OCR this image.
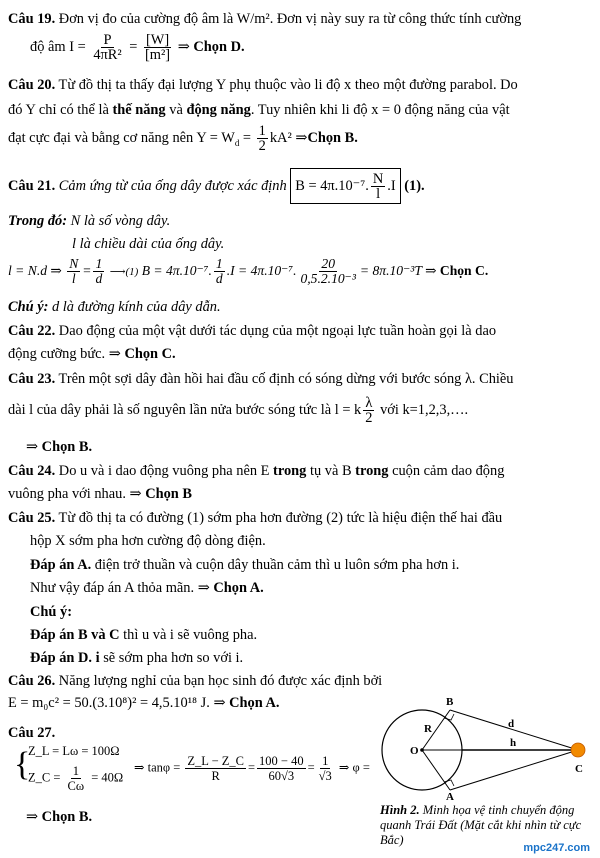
Câu 19. Đơn vị đo của cường độ âm là W/m². Đơn vị này suy ra từ công thức tính cường
độ âm $I = \frac{P}{\text{4πR²}} = \frac{[W]}{\text{[m²]}}$ ⇒ Chọn D.
Câu 20. Từ đồ thị ta thấy đại lượng Y phụ thuộc vào li độ x theo một đường parabol. Do
đó Y chỉ có thể là thế năng và động năng. Tuy nhiên khi li độ x = 0 động năng của vật
đạt cực đại và bằng cơ năng nên $Y = W_d = \frac{1}{2} kA^2$ ⇒Chọn B.
Câu 21. Cảm ứng từ của ống dây được xác định B = 4π.10⁻⁷. $\frac{N}{l} .I$ (1).
Trong đó: N là số vòng dây.
l là chiều dài của ống dây.
l = N.d ⇒ $\frac{N}{l} = \frac{1}{d}$ ⟶(1) B = 4π.10⁻⁷. $\frac{1}{d} .I = 4\pi.10^{-7}$. $\frac{20}{\text{0,5.2.10⁻³}} = 8\pi.10^{-3}T$ ⇒ Chọn C.
Chú ý: d là đường kính của dây dẫn.
Câu 22. Dao động của một vật dưới tác dụng của một ngoại lực tuần hoàn gọi là dao
động cưỡng bức. ⇒ Chọn C.
Câu 23. Trên một sợi dây đàn hồi hai đầu cố định có sóng dừng với bước sóng λ. Chiều
dài l của dây phải là số nguyên lần nửa bước sóng tức là l = k $\frac{\lambda}{2}$ với k=1,2,3,….
⇒ Chọn B.
Câu 24. Do u và i dao động vuông pha nên E trong tụ và B trong cuộn cảm dao động
vuông pha với nhau. ⇒ Chọn B
Câu 25. Từ đồ thị ta có đường (1) sớm pha hơn đường (2) tức là hiệu điện thế hai đầu
hộp X sớm pha hơn cường độ dòng điện.
Đáp án A. điện trở thuần và cuộn dây thuần cảm thì u luôn sớm pha hơn i.
Như vậy đáp án A thỏa mãn. ⇒ Chọn A.
Chú ý:
Đáp án B và C thì u và i sẽ vuông pha.
Đáp án D. i sẽ sớm pha hơn so với i.
Câu 26. Năng lượng nghỉ của bạn học sinh đó được xác định bởi
E = m₀c² = 50.(3.10⁸)² = 4,5.10¹⁸ J. ⇒ Chọn A.
Câu 27.
{
Z_L = Lω = 100Ω
Z_C = $\frac{1}{C\omega} = 40\Omega$
⇒ $\tan\varphi = \frac{Z\_L - Z\_C}{R} = \frac{100 - 40}{60√3} = \frac{1}{√3}$ ⇒ φ =
⇒ Chọn B.
B
R
O
h
d
C
A
Hình 2. Minh họa vệ tinh chuyển động quanh Trái Đất (Mặt cắt khi nhìn từ cực Bắc)
mpc247.com
